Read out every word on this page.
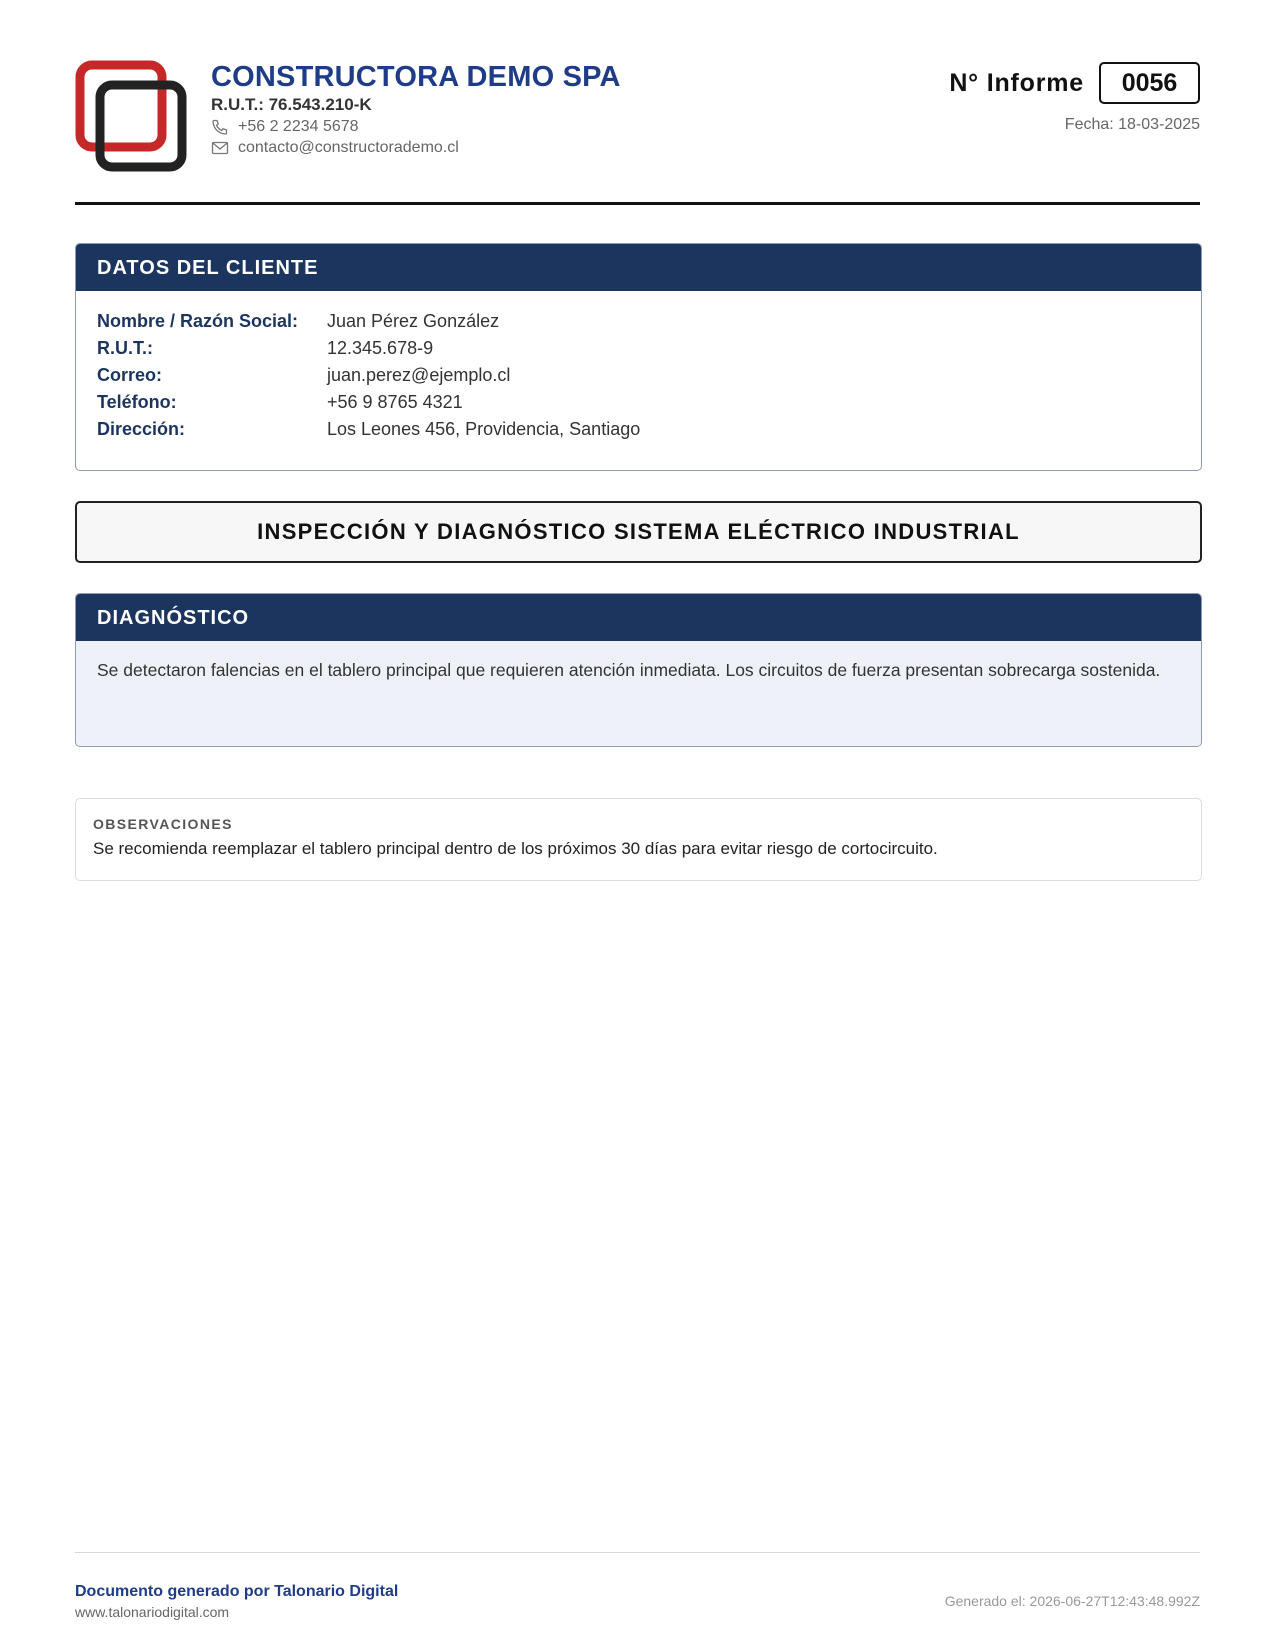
CONSTRUCTORA DEMO SPA
R.U.T.: 76.543.210-K
+56 2 2234 5678
contacto@constructorademo.cl
N° Informe	0056
Fecha: 18-03-2025
DATOS DEL CLIENTE
Nombre / Razón Social:	Juan Pérez González
R.U.T.:	12.345.678-9
Correo:	juan.perez@ejemplo.cl
Teléfono:	+56 9 8765 4321
Dirección:	Los Leones 456, Providencia, Santiago
INSPECCIÓN Y DIAGNÓSTICO SISTEMA ELÉCTRICO INDUSTRIAL
DIAGNÓSTICO
Se detectaron falencias en el tablero principal que requieren atención inmediata. Los circuitos de fuerza presentan sobrecarga sostenida.
OBSERVACIONES
Se recomienda reemplazar el tablero principal dentro de los próximos 30 días para evitar riesgo de cortocircuito.
Documento generado por Talonario Digital
www.talonariodigital.com
Generado el: 2026-06-27T12:43:48.992Z
